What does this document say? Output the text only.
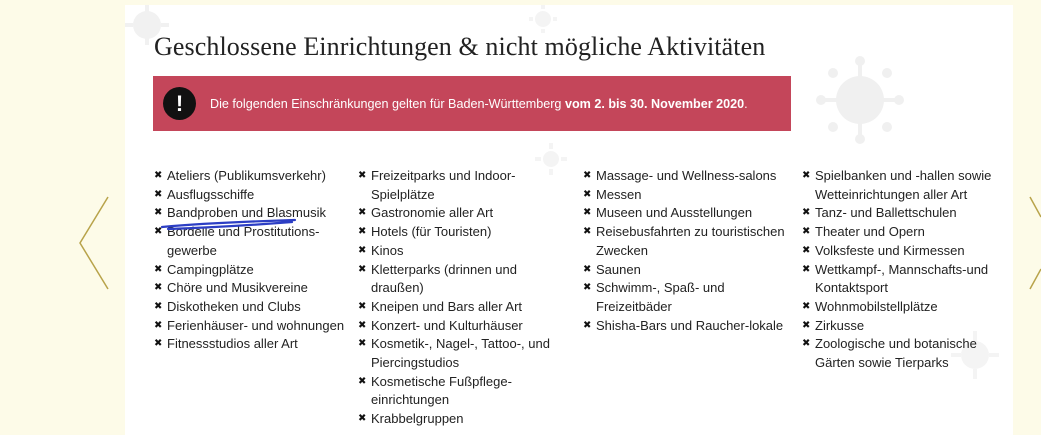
Geschlossene Einrichtungen & nicht mögliche Aktivitäten
!	Die folgenden Einschränkungen gelten für Baden-Württemberg vom 2. bis 30. November 2020.
✖ Ateliers (Publikumsverkehr)
✖ Ausflugsschiffe
✖ Bandproben und Blasmusik
✖ Bordelle und Prostitutions-gewerbe
✖ Campingplätze
✖ Chöre und Musikvereine
✖ Diskotheken und Clubs
✖ Ferienhäuser- und wohnungen
✖ Fitnessstudios aller Art
✖ Freizeitparks und Indoor-Spielplätze
✖ Gastronomie aller Art
✖ Hotels (für Touristen)
✖ Kinos
✖ Kletterparks (drinnen und draußen)
✖ Kneipen und Bars aller Art
✖ Konzert- und Kulturhäuser
✖ Kosmetik-, Nagel-, Tattoo-, und Piercingstudios
✖ Kosmetische Fußpflege-einrichtungen
✖ Krabbelgruppen
✖ Massage- und Wellness-salons
✖ Messen
✖ Museen und Ausstellungen
✖ Reisebusfahrten zu touristischen Zwecken
✖ Saunen
✖ Schwimm-, Spaß- und Freizeitbäder
✖ Shisha-Bars und Raucher-lokale
✖ Spielbanken und -hallen sowie Wetteinrichtungen aller Art
✖ Tanz- und Ballettschulen
✖ Theater und Opern
✖ Volksfeste und Kirmessen
✖ Wettkampf-, Mannschafts-und Kontaktsport
✖ Wohnmobilstellplätze
✖ Zirkusse
✖ Zoologische und botanische Gärten sowie Tierparks
